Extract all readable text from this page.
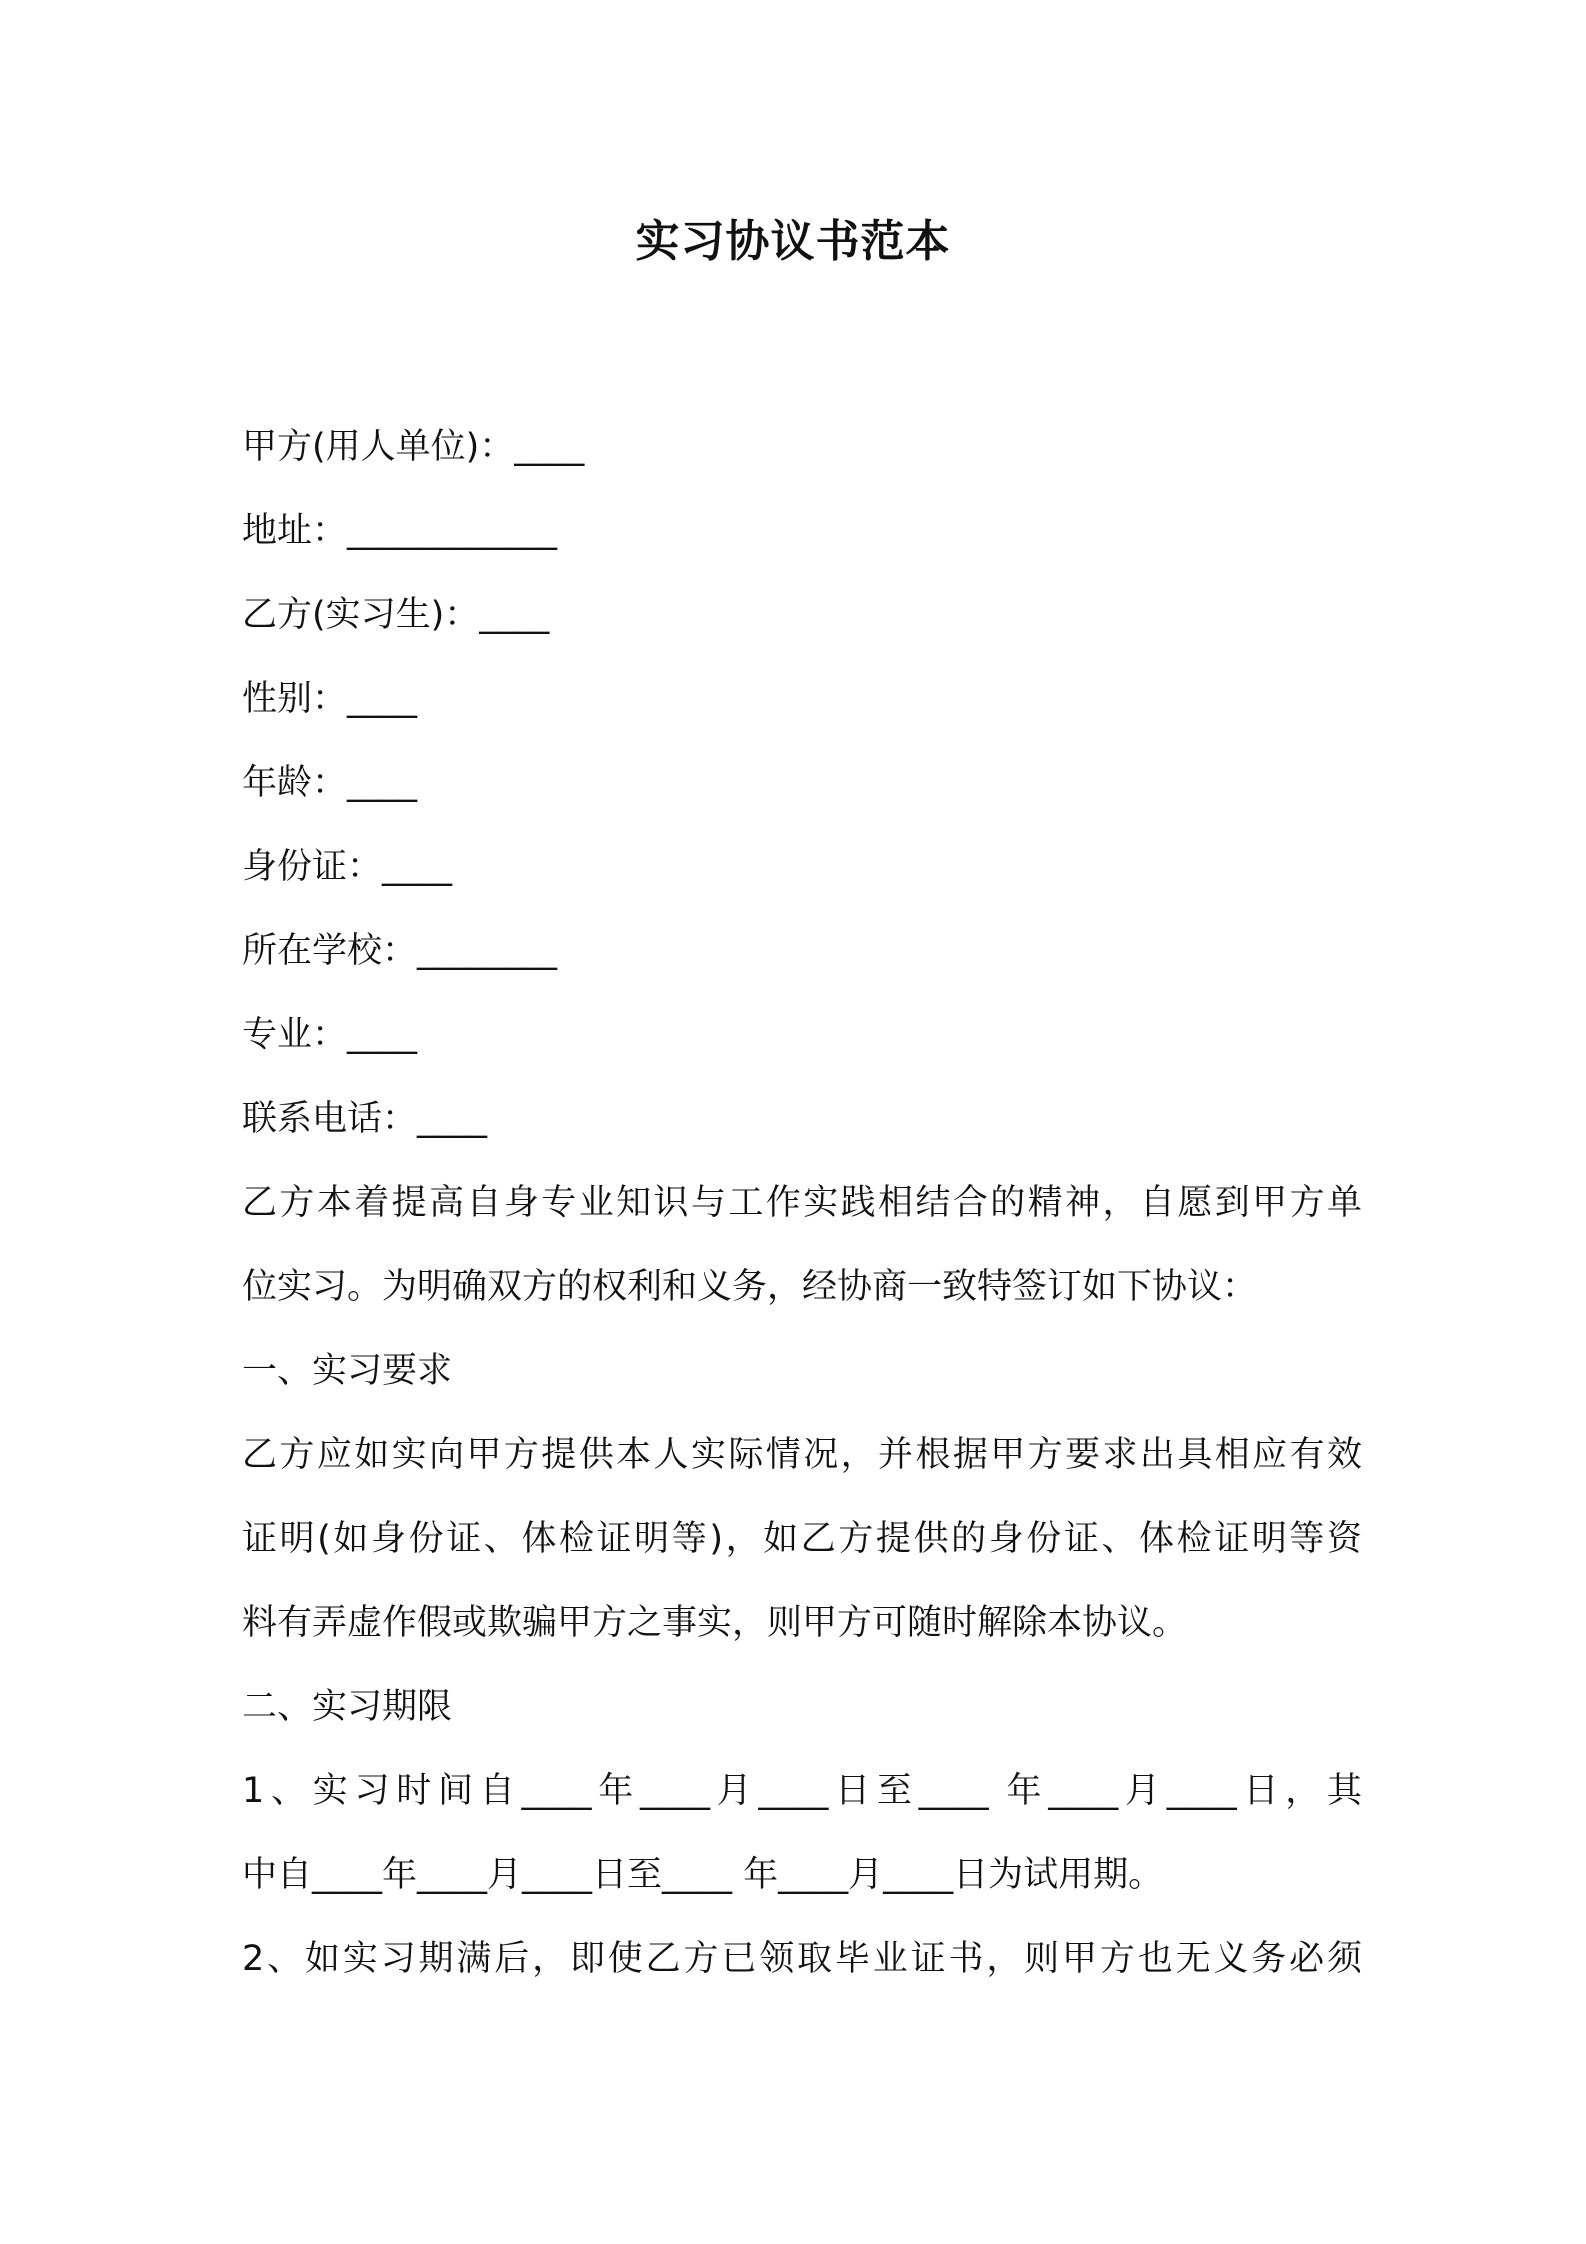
实习协议书范本
甲方(用人单位)：____
地址：____________
乙方(实习生)：____
性别：____
年龄：____
身份证：____
所在学校：________
专业：____
联系电话：____
乙方本着提高自身专业知识与工作实践相结合的精神，自愿到甲方单
位实习。为明确双方的权利和义务，经协商一致特签订如下协议：
一、实习要求
乙方应如实向甲方提供本人实际情况，并根据甲方要求出具相应有效
证明(如身份证、体检证明等)，如乙方提供的身份证、体检证明等资
料有弄虚作假或欺骗甲方之事实，则甲方可随时解除本协议。
二、实习期限
1、实习时间自____年____月____日至____ 年____月____日，其
中自____年____月____日至____ 年____月____日为试用期。
2、如实习期满后，即使乙方已领取毕业证书，则甲方也无义务必须
